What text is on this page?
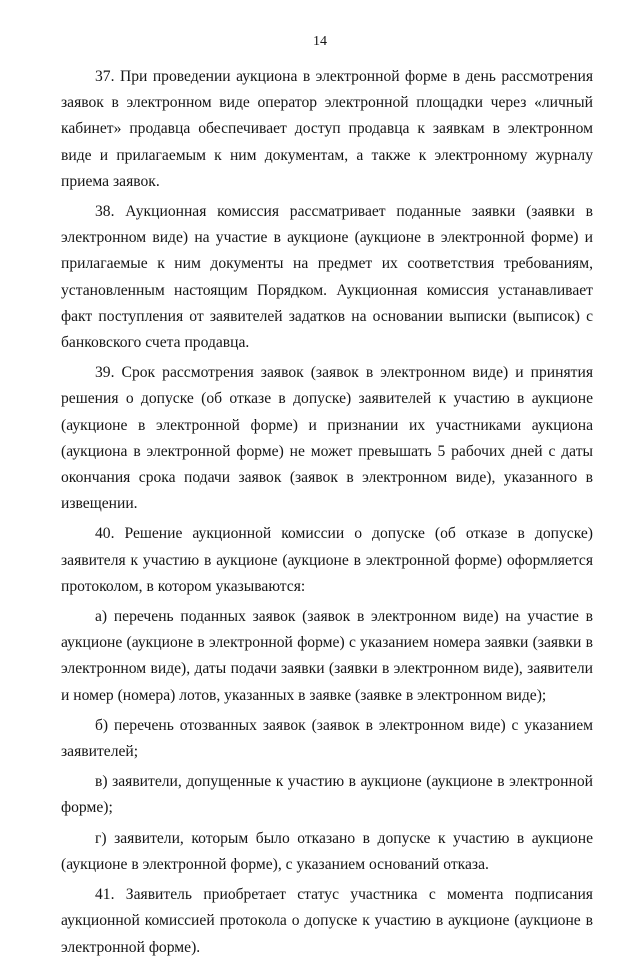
14

37. При проведении аукциона в электронной форме в день рассмотрения заявок в электронном виде оператор электронной площадки через «личный кабинет» продавца обеспечивает доступ продавца к заявкам в электронном виде и прилагаемым к ним документам, а также к электронному журналу приема заявок.

38. Аукционная комиссия рассматривает поданные заявки (заявки в электронном виде) на участие в аукционе (аукционе в электронной форме) и прилагаемые к ним документы на предмет их соответствия требованиям, установленным настоящим Порядком. Аукционная комиссия устанавливает факт поступления от заявителей задатков на основании выписки (выписок) с банковского счета продавца.

39. Срок рассмотрения заявок (заявок в электронном виде) и принятия решения о допуске (об отказе в допуске) заявителей к участию в аукционе (аукционе в электронной форме) и признании их участниками аукциона (аукциона в электронной форме) не может превышать 5 рабочих дней с даты окончания срока подачи заявок (заявок в электронном виде), указанного в извещении.

40. Решение аукционной комиссии о допуске (об отказе в допуске) заявителя к участию в аукционе (аукционе в электронной форме) оформляется протоколом, в котором указываются:

а) перечень поданных заявок (заявок в электронном виде) на участие в аукционе (аукционе в электронной форме) с указанием номера заявки (заявки в электронном виде), даты подачи заявки (заявки в электронном виде), заявители и номер (номера) лотов, указанных в заявке (заявке в электронном виде);

б) перечень отозванных заявок (заявок в электронном виде) с указанием заявителей;

в) заявители, допущенные к участию в аукционе (аукционе в электронной форме);

г) заявители, которым было отказано в допуске к участию в аукционе (аукционе в электронной форме), с указанием оснований отказа.

41. Заявитель приобретает статус участника с момента подписания аукционной комиссией протокола о допуске к участию в аукционе (аукционе в электронной форме).
